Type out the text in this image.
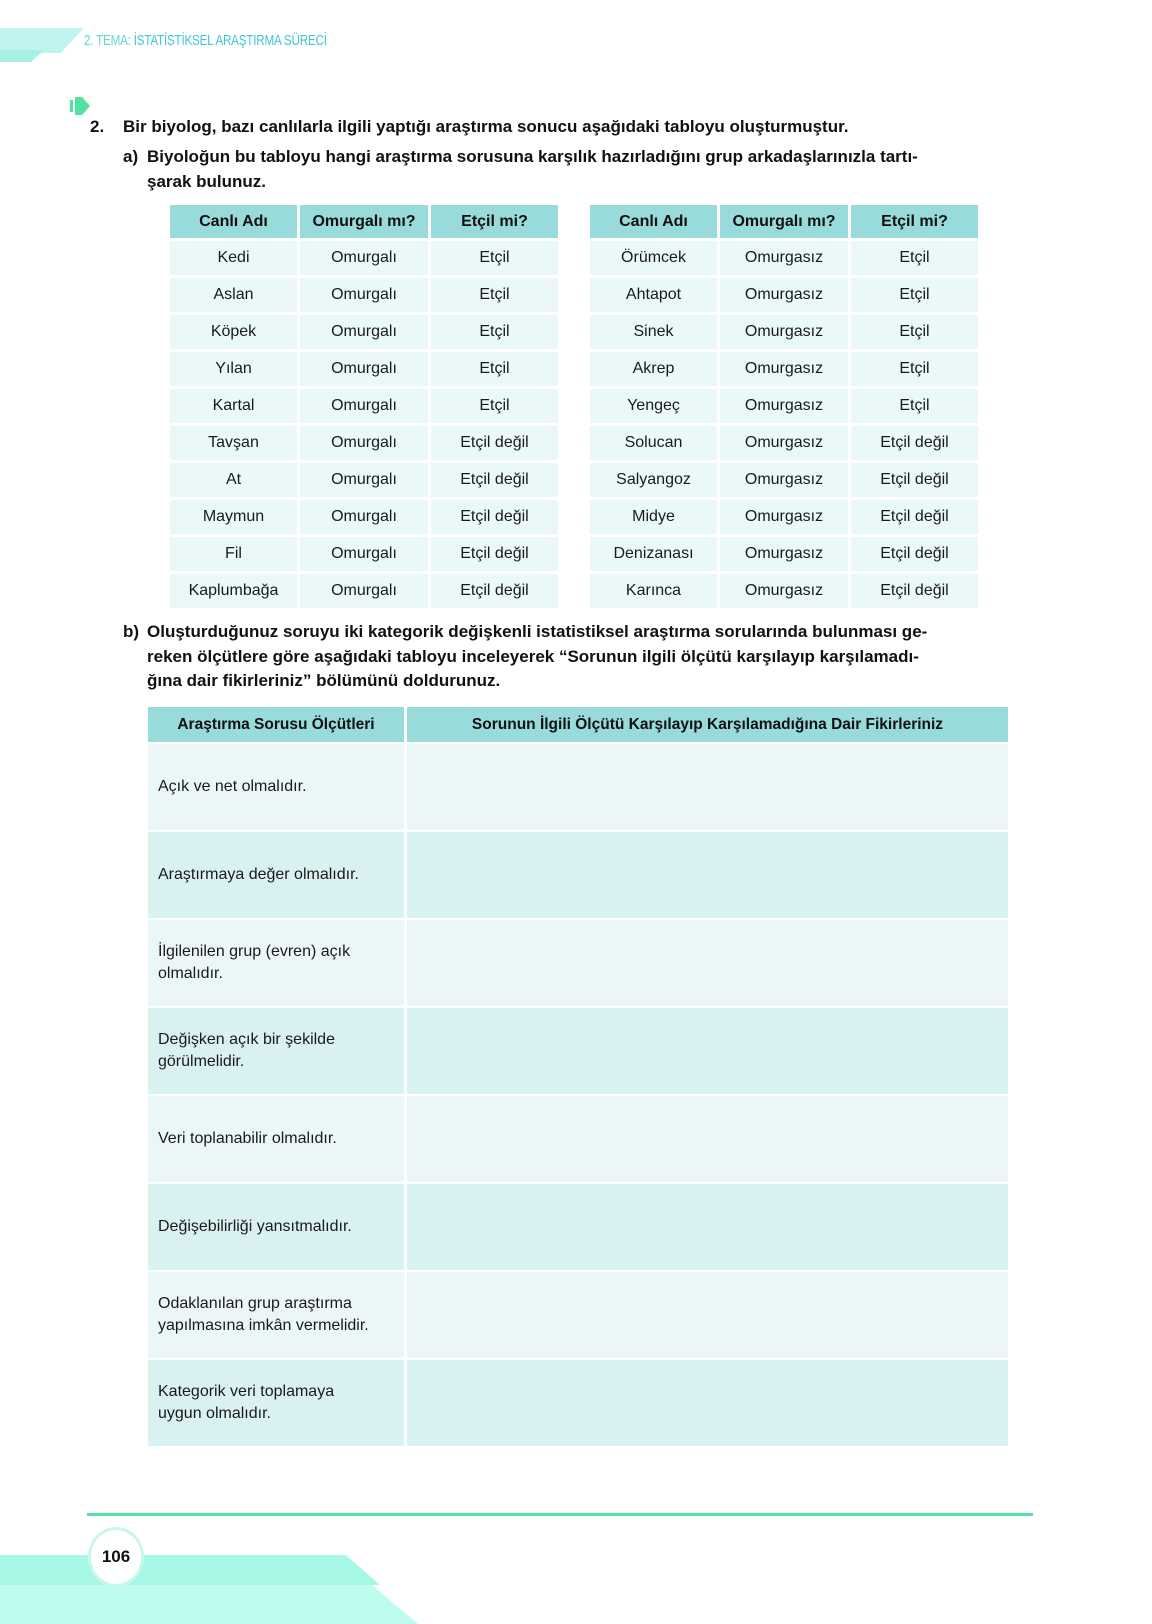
2. TEMA: İSTATİSTİKSEL ARAŞTIRMA SÜRECİ
2. Bir biyolog, bazı canlılarla ilgili yaptığı araştırma sonucu aşağıdaki tabloyu oluşturmuştur.
a) Biyoloğun bu tabloyu hangi araştırma sorusuna karşılık hazırladığını grup arkadaşlarınızla tartı-
şarak bulunuz.
Canlı Adı	Omurgalı mı?	Etçil mi?
Kedi	Omurgalı	Etçil
Aslan	Omurgalı	Etçil
Köpek	Omurgalı	Etçil
Yılan	Omurgalı	Etçil
Kartal	Omurgalı	Etçil
Tavşan	Omurgalı	Etçil değil
At	Omurgalı	Etçil değil
Maymun	Omurgalı	Etçil değil
Fil	Omurgalı	Etçil değil
Kaplumbağa	Omurgalı	Etçil değil
Canlı Adı	Omurgalı mı?	Etçil mi?
Örümcek	Omurgasız	Etçil
Ahtapot	Omurgasız	Etçil
Sinek	Omurgasız	Etçil
Akrep	Omurgasız	Etçil
Yengeç	Omurgasız	Etçil
Solucan	Omurgasız	Etçil değil
Salyangoz	Omurgasız	Etçil değil
Midye	Omurgasız	Etçil değil
Denizanası	Omurgasız	Etçil değil
Karınca	Omurgasız	Etçil değil
b) Oluşturduğunuz soruyu iki kategorik değişkenli istatistiksel araştırma sorularında bulunması ge-
reken ölçütlere göre aşağıdaki tabloyu inceleyerek “Sorunun ilgili ölçütü karşılayıp karşılamadı-
ğına dair fikirleriniz” bölümünü doldurunuz.
Araştırma Sorusu Ölçütleri	Sorunun İlgili Ölçütü Karşılayıp Karşılamadığına Dair Fikirleriniz
Açık ve net olmalıdır.	
Araştırmaya değer olmalıdır.	
İlgilenilen grup (evren) açık
olmalıdır.	
Değişken açık bir şekilde
görülmelidir.	
Veri toplanabilir olmalıdır.	
Değişebilirliği yansıtmalıdır.	
Odaklanılan grup araştırma
yapılmasına imkân vermelidir.	
Kategorik veri toplamaya
uygun olmalıdır.	
106
